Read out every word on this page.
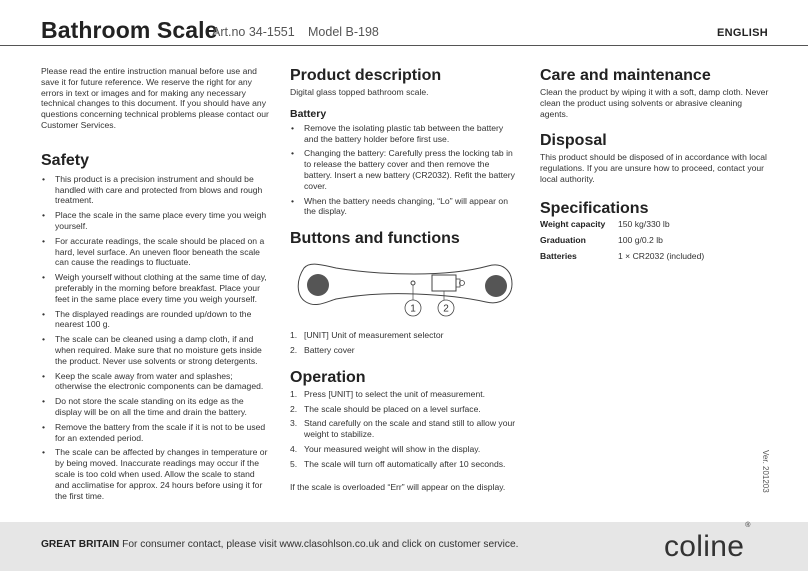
Bathroom Scale
Art.no 34-1551 Model B-198	ENGLISH

Please read the entire instruction manual before use and save it for future reference. We reserve the right for any errors in text or images and for making any necessary technical changes to this document. If you should have any questions concerning technical problems please contact our Customer Services.

Safety
• This product is a precision instrument and should be handled with care and protected from blows and rough treatment.
• Place the scale in the same place every time you weigh yourself.
• For accurate readings, the scale should be placed on a hard, level surface. An uneven floor beneath the scale can cause the readings to fluctuate.
• Weigh yourself without clothing at the same time of day, preferably in the morning before breakfast. Place your feet in the same place every time you weigh yourself.
• The displayed readings are rounded up/down to the nearest 100 g.
• The scale can be cleaned using a damp cloth, if and when required. Make sure that no moisture gets inside the product. Never use solvents or strong detergents.
• Keep the scale away from water and splashes; otherwise the electronic components can be damaged.
• Do not store the scale standing on its edge as the display will be on all the time and drain the battery.
• Remove the battery from the scale if it is not to be used for an extended period.
• The scale can be affected by changes in temperature or by being moved. Inaccurate readings may occur if the scale is too cold when used. Allow the scale to stand and acclimatise for approx. 24 hours before using it for the first time.
Product description

Digital glass topped bathroom scale.

Battery
• Remove the isolating plastic tab between the battery and the battery holder before first use.
• Changing the battery: Carefully press the locking tab in to release the battery cover and then remove the battery. Insert a new battery (CR2032). Refit the battery cover.
• When the battery needs changing, “Lo” will appear on the display.
Buttons and functions
1	2
1. [UNIT] Unit of measurement selector
2. Battery cover
Operation
1. Press [UNIT] to select the unit of measurement.
2. The scale should be placed on a level surface.
3. Stand carefully on the scale and stand still to allow your weight to stabilize.
4. Your measured weight will show in the display.
5. The scale will turn off automatically after 10 seconds.

If the scale is overloaded “Err” will appear on the display.

Care and maintenance

Clean the product by wiping it with a soft, damp cloth. Never clean the product using solvents or abrasive cleaning agents.

Disposal

This product should be disposed of in accordance with local regulations. If you are unsure how to proceed, contact your local authority.

Specifications
Weight capacity 150 kg/330 lb
Graduation	100 g/0.2 lb
Batteries	1 × CR2032 (included)
Ver. 201203
GREAT BRITAIN For consumer contact, please visit www.clasohlson.co.uk and click on customer service.	coline®
